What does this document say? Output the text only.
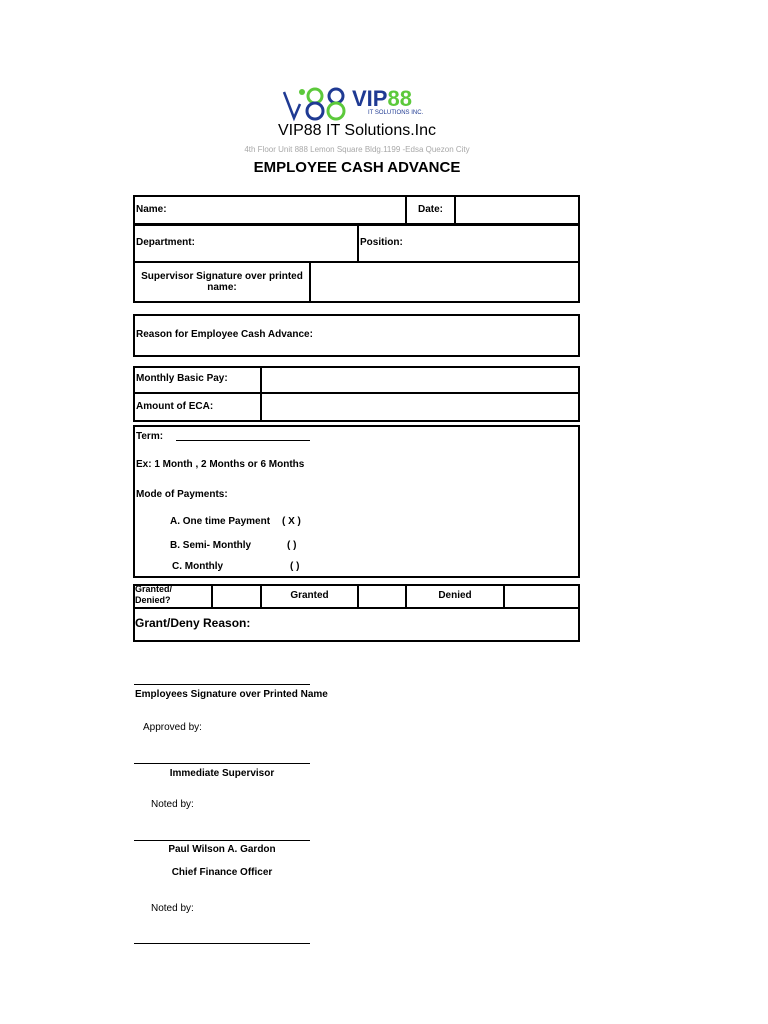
VIP88
IT SOLUTIONS INC.
VIP88 IT Solutions.Inc
4th Floor Unit 888 Lemon Square Bldg.1199 -Edsa Quezon City
EMPLOYEE CASH ADVANCE
Name:	Date:
Department:	Position:
Supervisor Signature over printed
name:
Reason for Employee Cash Advance:
Monthly Basic Pay:
Amount of ECA:
Term:
Ex: 1 Month , 2 Months or 6 Months
Mode of Payments:
A. One time Payment ( X )
B. Semi- Monthly	( )
C. Monthly	( )
Granted/
Denied?	Granted	Denied
Grant/Deny Reason:
Employees Signature over Printed Name
Approved by:
Immediate Supervisor
Noted by:
Paul Wilson A. Gardon
Chief Finance Officer
Noted by:
